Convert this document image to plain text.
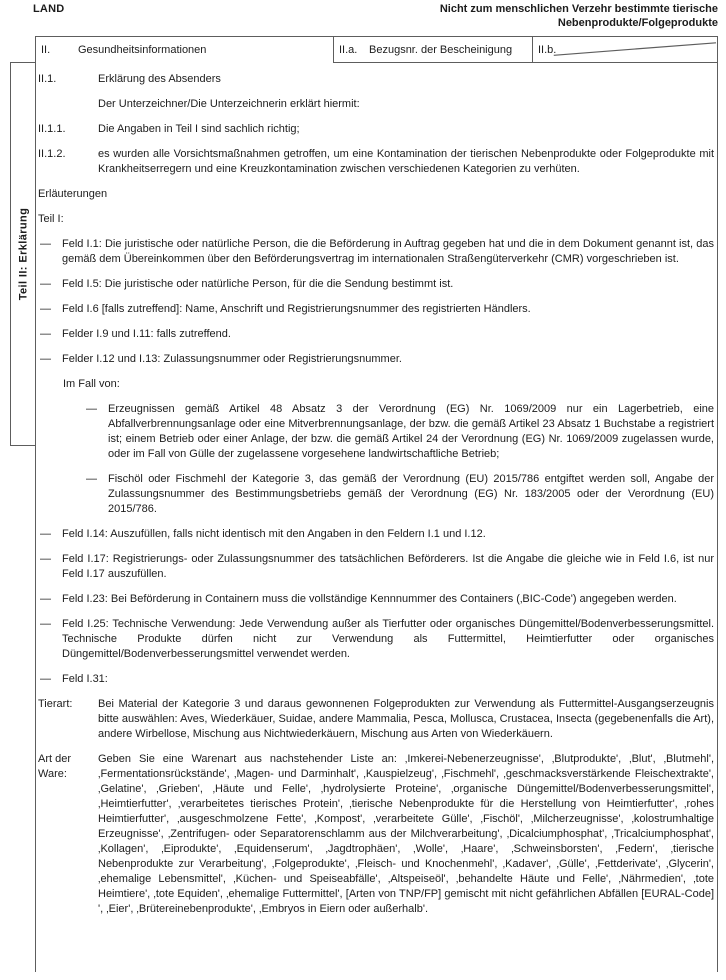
LAND	Nicht zum menschlichen Verzehr bestimmte tierische
Nebenprodukte/Folgeprodukte
Teil II: Erklärung
II.	Gesundheitsinformationen	II.a.	Bezugsnr. der Bescheinigung	II.b.
II.1.	Erklärung des Absenders
Der Unterzeichner/Die Unterzeichnerin erklärt hiermit:
II.1.1.	Die Angaben in Teil I sind sachlich richtig;
II.1.2.	es wurden alle Vorsichtsmaßnahmen getroffen, um eine Kontamination der tierischen Nebenprodukte oder Folgeprodukte mit Krankheitserregern und eine Kreuzkontamination zwischen verschiedenen Kategorien zu verhüten.
Erläuterungen
Teil I:
—	Feld I.1: Die juristische oder natürliche Person, die die Beförderung in Auftrag gegeben hat und die in dem Dokument genannt ist, das gemäß dem Übereinkommen über den Beförderungsvertrag im internationalen Straßengüterverkehr (CMR) vorgeschrieben ist.
—	Feld I.5: Die juristische oder natürliche Person, für die die Sendung bestimmt ist.
—	Feld I.6 [falls zutreffend]: Name, Anschrift und Registrierungsnummer des registrierten Händlers.
—	Felder I.9 und I.11: falls zutreffend.
—	Felder I.12 und I.13: Zulassungsnummer oder Registrierungsnummer.
Im Fall von:
—	Erzeugnissen gemäß Artikel 48 Absatz 3 der Verordnung (EG) Nr. 1069/2009 nur ein Lagerbetrieb, eine Abfallverbrennungsanlage oder eine Mitverbrennungsanlage, der bzw. die gemäß Artikel 23 Absatz 1 Buchstabe a registriert ist; einem Betrieb oder einer Anlage, der bzw. die gemäß Artikel 24 der Verordnung (EG) Nr. 1069/2009 zugelassen wurde, oder im Fall von Gülle der zugelassene vorgesehene landwirtschaftliche Betrieb;
—	Fischöl oder Fischmehl der Kategorie 3, das gemäß der Verordnung (EU) 2015/786 entgiftet werden soll, Angabe der Zulassungsnummer des Bestimmungsbetriebs gemäß der Verordnung (EG) Nr. 183/2005 oder der Verordnung (EU) 2015/786.
—	Feld I.14: Auszufüllen, falls nicht identisch mit den Angaben in den Feldern I.1 und I.12.
—	Feld I.17: Registrierungs- oder Zulassungsnummer des tatsächlichen Beförderers. Ist die Angabe die gleiche wie in Feld I.6, ist nur Feld I.17 auszufüllen.
—	Feld I.23: Bei Beförderung in Containern muss die vollständige Kennnummer des Containers (‚BIC-Code') angegeben werden.
—	Feld I.25: Technische Verwendung: Jede Verwendung außer als Tierfutter oder organisches Düngemittel/Bodenverbesserungsmittel. Technische Produkte dürfen nicht zur Verwendung als Futtermittel, Heimtierfutter oder organisches Düngemittel/Bodenverbesserungsmittel verwendet werden.
—	Feld I.31:
Tierart:	Bei Material der Kategorie 3 und daraus gewonnenen Folgeprodukten zur Verwendung als Futtermittel-Ausgangserzeugnis bitte auswählen: Aves, Wiederkäuer, Suidae, andere Mammalia, Pesca, Mollusca, Crustacea, Insecta (gegebenenfalls die Art), andere Wirbellose, Mischung aus Nichtwiederkäuern, Mischung aus Arten von Wiederkäuern.
Art der Ware:
Geben Sie eine Warenart aus nachstehender Liste an: ‚Imkerei-Nebenerzeugnisse', ‚Blutprodukte', ‚Blut', ‚Blutmehl', ‚Fermentationsrückstände', ‚Magen- und Darminhalt', ‚Kauspielzeug', ‚Fischmehl', ‚geschmacksverstärkende Fleischextrakte', ‚Gelatine', ‚Grieben', ‚Häute und Felle', ‚hydrolysierte Proteine', ‚organische Düngemittel/Bodenverbesserungsmittel', ‚Heimtierfutter', ‚verarbeitetes tierisches Protein', ‚tierische Nebenprodukte für die Herstellung von Heimtierfutter', ‚rohes Heimtierfutter', ‚ausgeschmolzene Fette', ‚Kompost', ‚verarbeitete Gülle', ‚Fischöl', ‚Milcherzeugnisse', ‚kolostrumhaltige Erzeugnisse', ‚Zentrifugen- oder Separatorenschlamm aus der Milchverarbeitung', ‚Dicalciumphosphat', ‚Tricalciumphosphat', ‚Kollagen', ‚Eiprodukte', ‚Equidenserum', ‚Jagdtrophäen', ‚Wolle', ‚Haare', ‚Schweinsborsten', ‚Federn', ‚tierische Nebenprodukte zur Verarbeitung', ‚Folgeprodukte', ‚Fleisch- und Knochenmehl', ‚Kadaver', ‚Gülle', ‚Fettderivate', ‚Glycerin', ‚ehemalige Lebensmittel', ‚Küchen- und Speiseabfälle', ‚Altspeiseöl', ‚behandelte Häute und Felle', ‚Nährmedien', ‚tote Heimtiere', ‚tote Equiden', ‚ehemalige Futtermittel', [Arten von TNP/FP] gemischt mit nicht gefährlichen Abfällen [EURAL-Code] ', ‚Eier', ‚Brütereinebenprodukte', ‚Embryos in Eiern oder außerhalb'.
